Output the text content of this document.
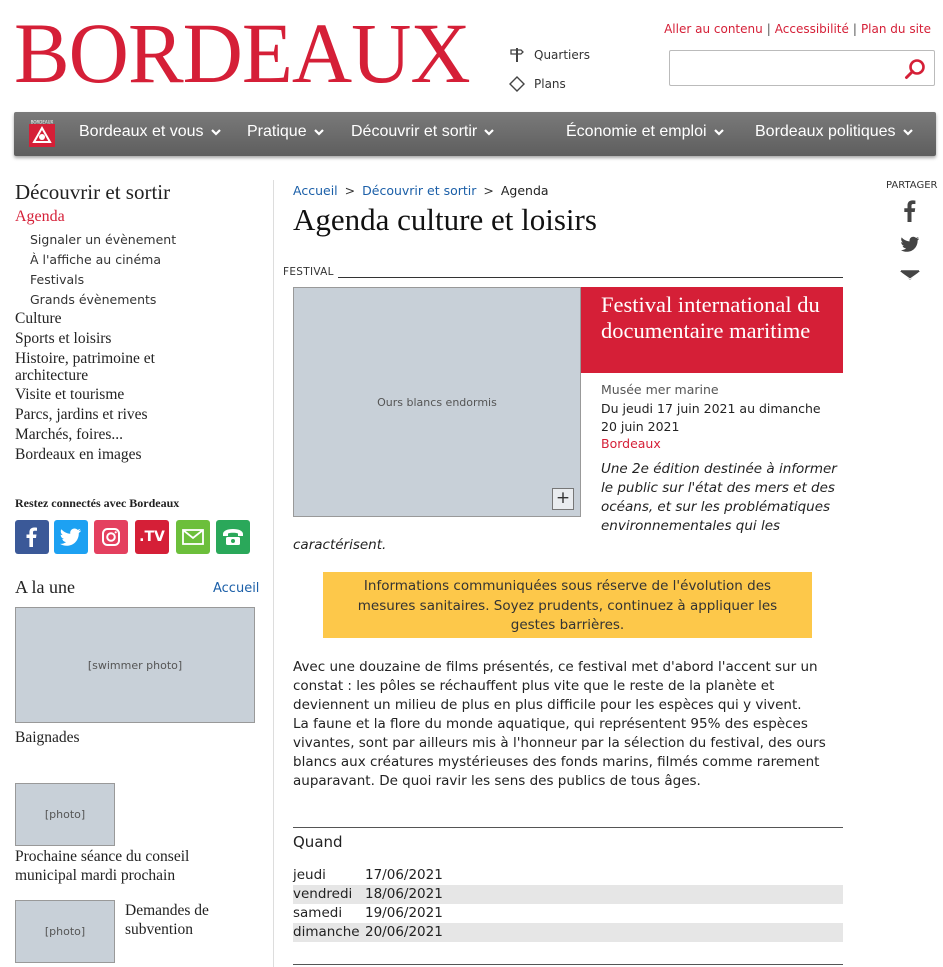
BORDEAUX	Quartiers
Plans
Aller au contenu | Accessibilité | Plan du site
BORDEAUX
Bordeaux et vous	Pratique	Découvrir et sortir	Économie et emploi	Bordeaux politiques
Découvrir et sortir
Agenda
Signaler un évènement
À l'affiche au cinéma
Festivals
Grands évènements
Culture
Sports et loisirs
Histoire, patrimoine et architecture
Visite et tourisme
Parcs, jardins et rives
Marchés, foires...
Bordeaux en images
Restez connectés avec Bordeaux
.TV
A la une	Accueil
[swimmer photo]
Baignades
[photo]
Prochaine séance du conseil municipal mardi prochain
[photo]
Demandes de subvention
Accueil > Découvrir et sortir > Agenda
Agenda culture et loisirs
FESTIVAL
Ours blancs endormis
+
Festival international du documentaire maritime
Musée mer marine
Du jeudi 17 juin 2021 au dimanche 20 juin 2021
Bordeaux
Une 2e édition destinée à informer le public sur l'état des mers et des océans, et sur les problématiques environnementales qui les
caractérisent.
Informations communiquées sous réserve de l'évolution des mesures sanitaires. Soyez prudents, continuez à appliquer les gestes barrières.

Avec une douzaine de films présentés, ce festival met d'abord l'accent sur un constat : les pôles se réchauffent plus vite que le reste de la planète et deviennent un milieu de plus en plus difficile pour les espèces qui y vivent.

La faune et la flore du monde aquatique, qui représentent 95% des espèces vivantes, sont par ailleurs mis à l'honneur par la sélection du festival, des ours blancs aux créatures mystérieuses des fonds marins, filmés comme rarement auparavant. De quoi ravir les sens des publics de tous âges.

Quand
jeudi	17/06/2021
vendredi	18/06/2021
samedi	19/06/2021
dimanche	20/06/2021
PARTAGER
